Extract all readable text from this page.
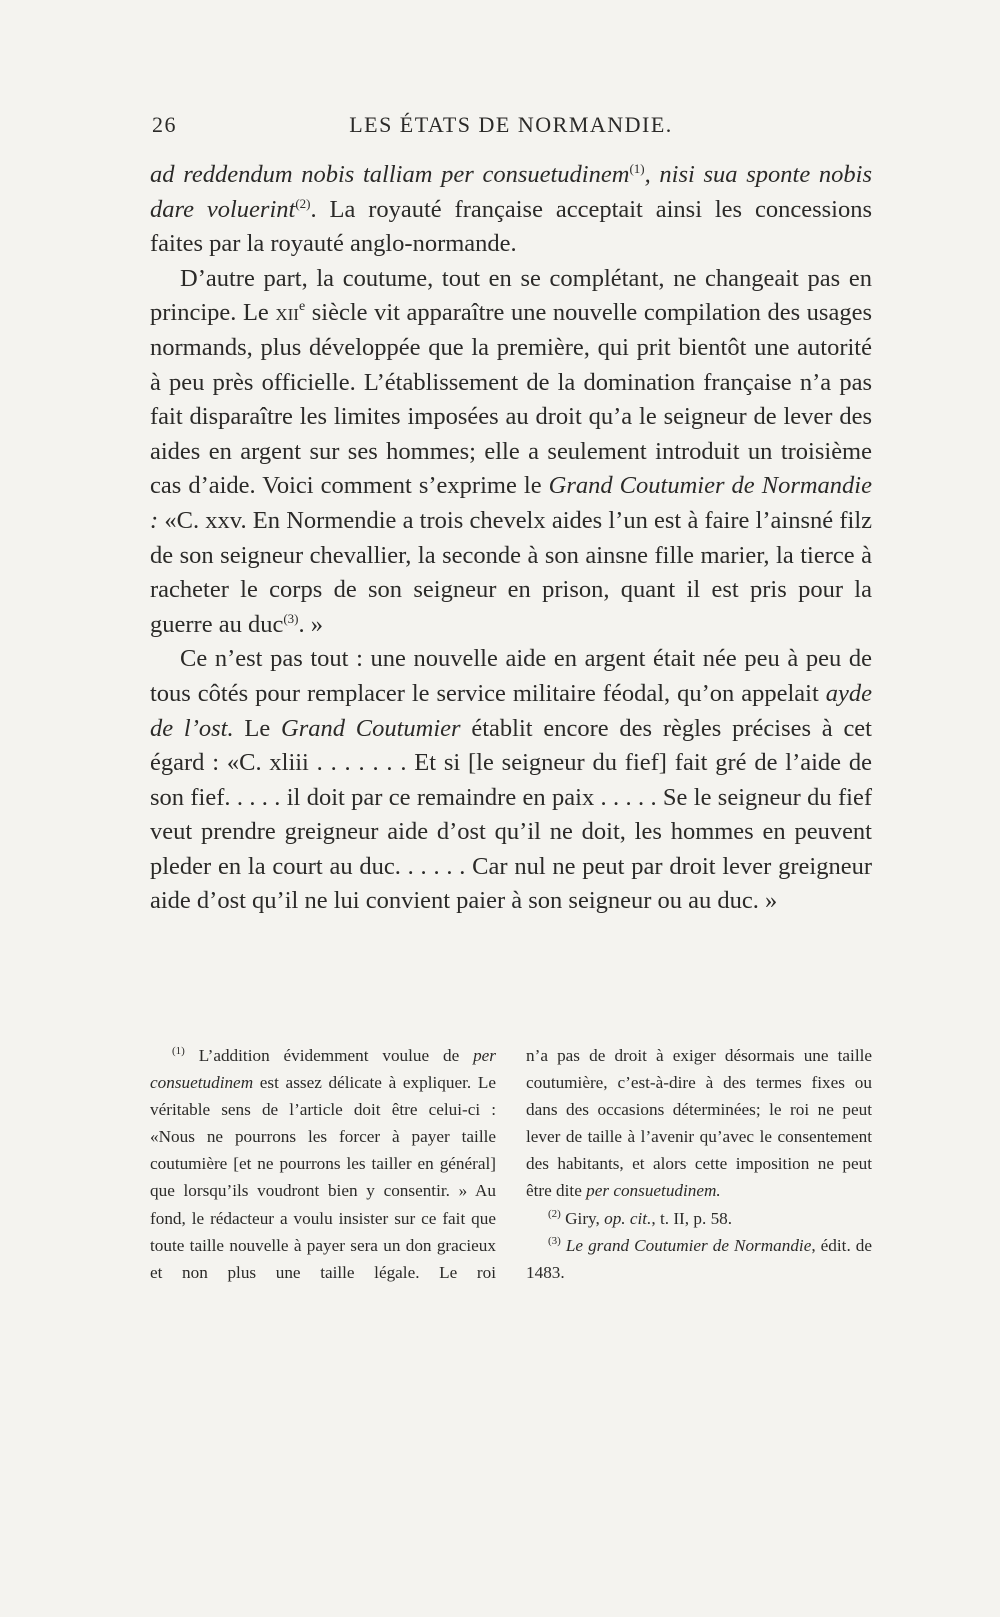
26	LES ÉTATS DE NORMANDIE.

ad reddendum nobis talliam per consuetudinem$^{(1)}$, nisi sua sponte nobis dare voluerint$^{(2)}$. La royauté française acceptait ainsi les concessions faites par la royauté anglo-normande.

D’autre part, la coutume, tout en se complétant, ne changeait pas en principe. Le xii$^e$ siècle vit apparaître une nouvelle compilation des usages normands, plus développée que la première, qui prit bientôt une autorité à peu près officielle. L’établissement de la domination française n’a pas fait disparaître les limites imposées au droit qu’a le seigneur de lever des aides en argent sur ses hommes; elle a seulement introduit un troisième cas d’aide. Voici comment s’exprime le Grand Coutumier de Normandie : «C. xxv. En Normendie a trois chevelx aides l’un est à faire l’ainsné filz de son seigneur chevallier, la seconde à son ainsne fille marier, la tierce à racheter le corps de son seigneur en prison, quant il est pris pour la guerre au duc$^{(3)}$. »

Ce n’est pas tout : une nouvelle aide en argent était née peu à peu de tous côtés pour remplacer le service militaire féodal, qu’on appelait ayde de l’ost. Le Grand Coutumier établit encore des règles précises à cet égard : «C. xliii . . . . . . . Et si [le seigneur du fief] fait gré de l’aide de son fief. . . . . il doit par ce remaindre en paix . . . . . Se le seigneur du fief veut prendre greigneur aide d’ost qu’il ne doit, les hommes en peuvent pleder en la court au duc. . . . . . Car nul ne peut par droit lever greigneur aide d’ost qu’il ne lui convient paier à son seigneur ou au duc. »

$^{(1)}$ L’addition évidemment voulue de per consuetudinem est assez délicate à expliquer. Le véritable sens de l’article doit être celui-ci : «Nous ne pourrons les forcer à payer taille coutumière [et ne pourrons les tailler en général] que lorsqu’ils voudront bien y consentir. » Au fond, le rédacteur a voulu insister sur ce fait que toute taille nouvelle à payer sera un don gracieux et non plus une taille légale. Le roi

n’a pas de droit à exiger désormais une taille coutumière, c’est-à-dire à des termes fixes ou dans des occasions déterminées; le roi ne peut lever de taille à l’avenir qu’avec le consentement des habitants, et alors cette imposition ne peut être dite per consuetudinem.

$^{(2)}$ Giry, op. cit., t. II, p. 58.

$^{(3)}$ Le grand Coutumier de Normandie, édit. de 1483.
